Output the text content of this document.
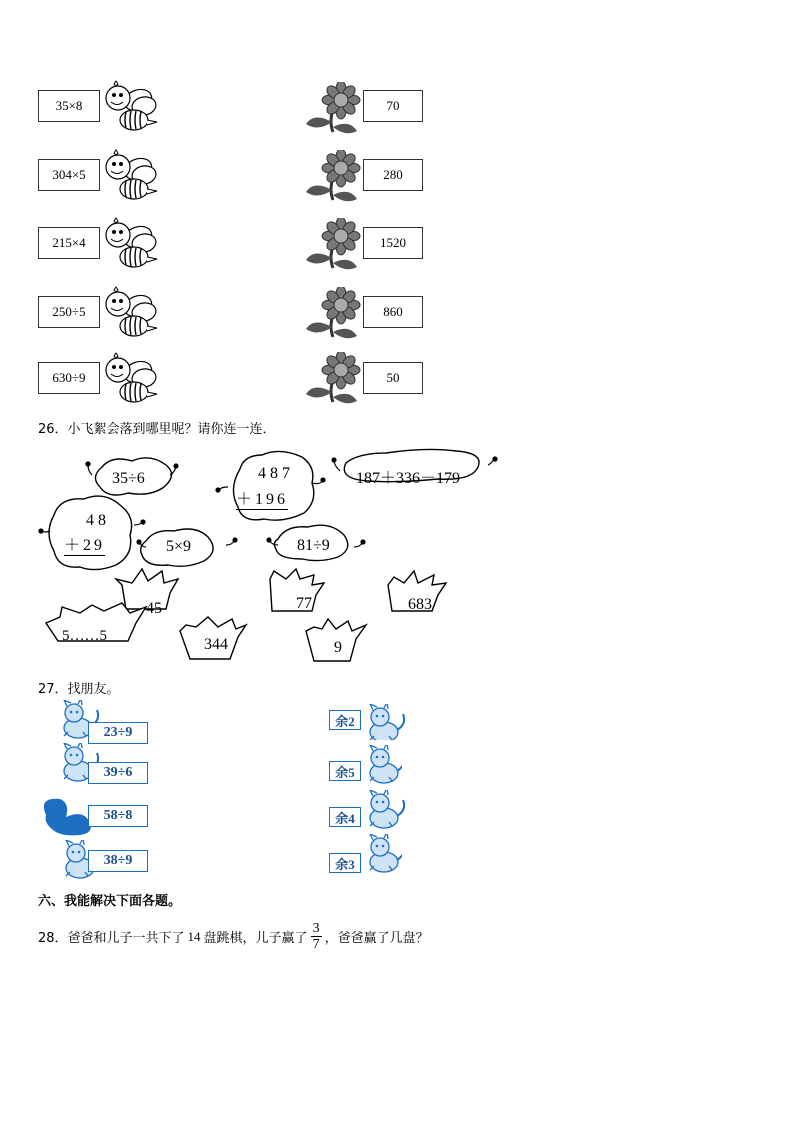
35×8
304×5
215×4
250÷5
630÷9
70
280
1520
860
50
26．小飞絮会落到哪里呢？请你连一连．
35÷6	487
＋196
187＋336－179
48
＋29	5×9	81÷9
45	77	683
5……5	344	9
27．找朋友。
23÷9
39÷6
58÷8
38÷9
余2
余5
余4
余3
六、我能解决下面各题。
28．爸爸和儿子一共下了 14 盘跳棋，儿子赢了 $\frac{3}{7}$ ，爸爸赢了几盘？
